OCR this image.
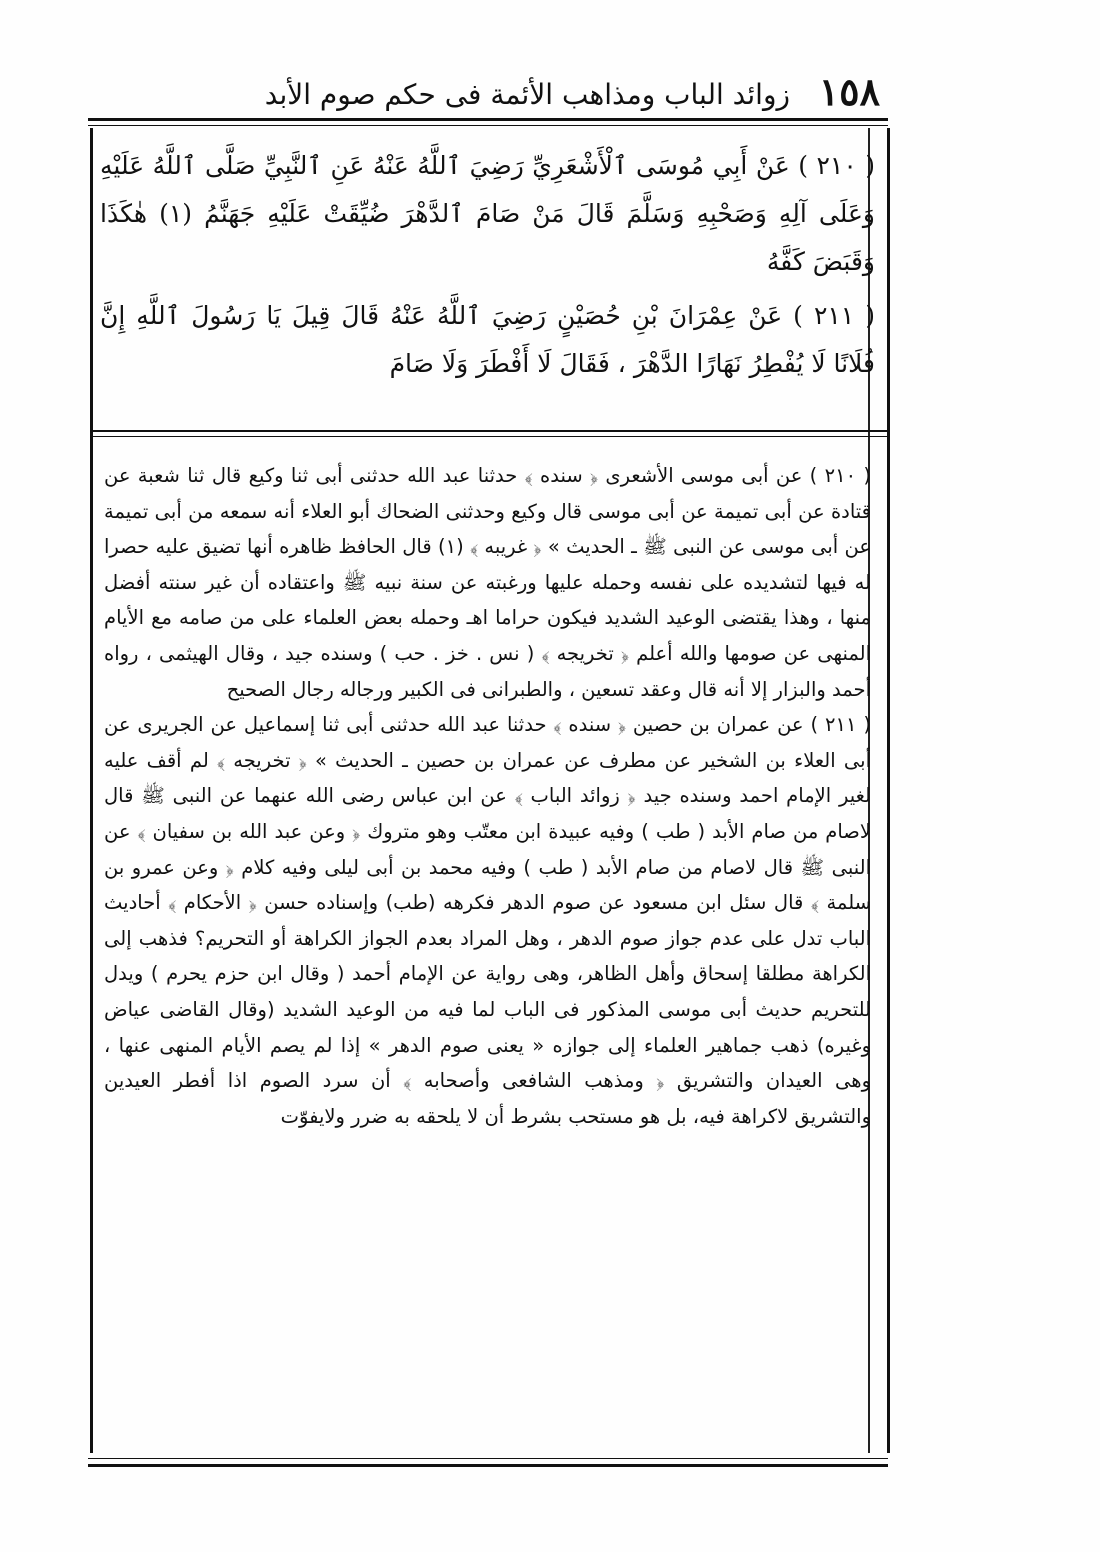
١٥٨
زوائد الباب ومذاهب الأئمة فى حكم صوم الأبد

( ٢١٠ ) عَنْ أَبِي مُوسَى ٱلْأَشْعَرِيِّ رَضِيَ ٱللَّهُ عَنْهُ عَنِ ٱلنَّبِيِّ صَلَّى ٱللَّهُ عَلَيْهِ وَعَلَى آلِهِ وَصَحْبِهِ وَسَلَّمَ قَالَ مَنْ صَامَ ٱلدَّهْرَ ضُيِّقَتْ عَلَيْهِ جَهَنَّمُ (١) هٰكَذَا وَقَبَضَ كَفَّهُ

( ٢١١ ) عَنْ عِمْرَانَ بْنِ حُصَيْنٍ رَضِيَ ٱللَّهُ عَنْهُ قَالَ قِيلَ يَا رَسُولَ ٱللَّهِ إِنَّ فُلَانًا لَا يُفْطِرُ نَهَارًا الدَّهْرَ ، فَقَالَ لَا أَفْطَرَ وَلَا صَامَ

( ٢١٠ ) عن أبى موسى الأشعرى ﴿ سنده ﴾ حدثنا عبد الله حدثنى أبى ثنا وكيع قال ثنا شعبة عن قتادة عن أبى تميمة عن أبى موسى قال وكيع وحدثنى الضحاك أبو العلاء أنه سمعه من أبى تميمة عن أبى موسى عن النبى ﷺ ـ الحديث » ﴿ غريبه ﴾ (١) قال الحافظ ظاهره أنها تضيق عليه حصرا له فيها لتشديده على نفسه وحمله عليها ورغبته عن سنة نبيه ﷺ واعتقاده أن غير سنته أفضل منها ، وهذا يقتضى الوعيد الشديد فيكون حراما اهـ وحمله بعض العلماء على من صامه مع الأيام المنهى عن صومها والله أعلم ﴿ تخريجه ﴾ ( نس . خز . حب ) وسنده جيد ، وقال الهيثمى ، رواه أحمد والبزار إلا أنه قال وعقد تسعين ، والطبرانى فى الكبير ورجاله رجال الصحيح

( ٢١١ ) عن عمران بن حصين ﴿ سنده ﴾ حدثنا عبد الله حدثنى أبى ثنا إسماعيل عن الجريرى عن أبى العلاء بن الشخير عن مطرف عن عمران بن حصين ـ الحديث » ﴿ تخريجه ﴾ لم أقف عليه لغير الإمام احمد وسنده جيد ﴿ زوائد الباب ﴾ عن ابن عباس رضى الله عنهما عن النبى ﷺ قال لاصام من صام الأبد ( طب ) وفيه عبيدة ابن معتّب وهو متروك ﴿ وعن عبد الله بن سفيان ﴾ عن النبى ﷺ قال لاصام من صام الأبد ( طب ) وفيه محمد بن أبى ليلى وفيه كلام ﴿ وعن عمرو بن سلمة ﴾ قال سئل ابن مسعود عن صوم الدهر فكرهه (طب) وإسناده حسن ﴿ الأحكام ﴾ أحاديث الباب تدل على عدم جواز صوم الدهر ، وهل المراد بعدم الجواز الكراهة أو التحريم؟ فذهب إلى الكراهة مطلقا إسحاق وأهل الظاهر، وهى رواية عن الإمام أحمد ( وقال ابن حزم يحرم ) ويدل للتحريم حديث أبى موسى المذكور فى الباب لما فيه من الوعيد الشديد (وقال القاضى عياض وغيره) ذهب جماهير العلماء إلى جوازه « يعنى صوم الدهر » إذا لم يصم الأيام المنهى عنها ، وهى العيدان والتشريق ﴿ ومذهب الشافعى وأصحابه ﴾ أن سرد الصوم اذا أفطر العيدين والتشريق لاكراهة فيه، بل هو مستحب بشرط أن لا يلحقه به ضرر ولايفوّت
